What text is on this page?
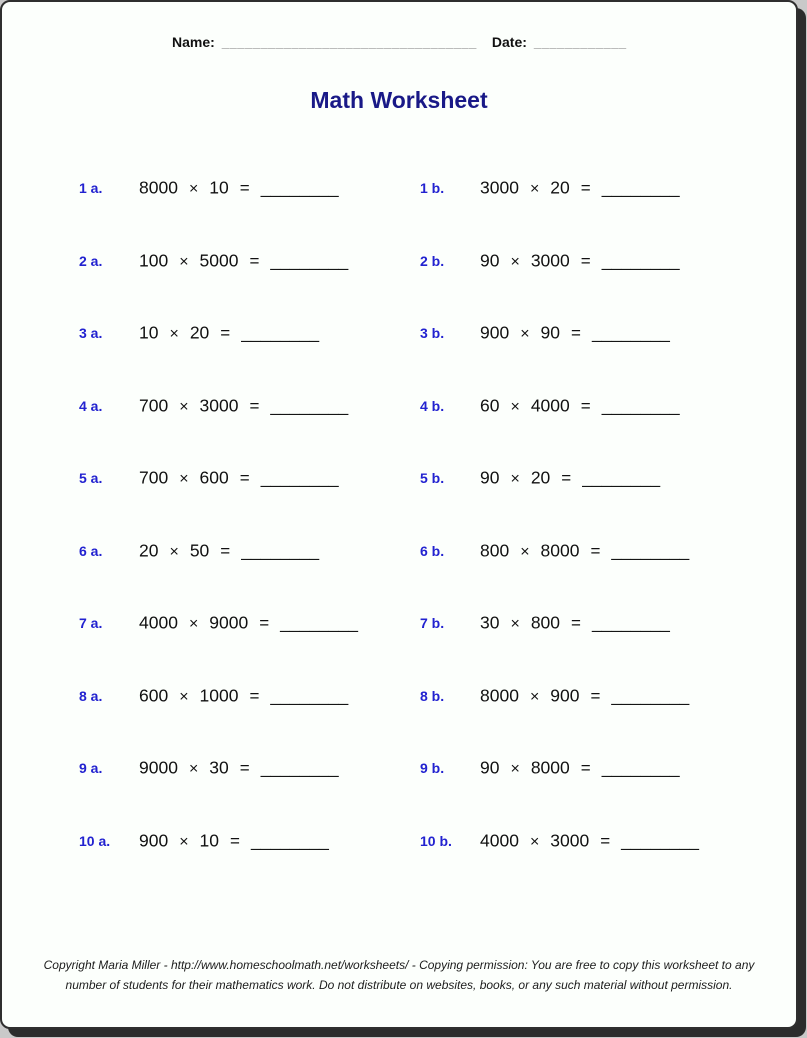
Name: _________________________________ Date: ____________
Math Worksheet
1 a. 8000 × 10 = ________	1 b. 3000 × 20 = ________
2 a. 100 × 5000 = ________	2 b. 90 × 3000 = ________
3 a. 10 × 20 = ________	3 b. 900 × 90 = ________
4 a. 700 × 3000 = ________	4 b. 60 × 4000 = ________
5 a. 700 × 600 = ________	5 b. 90 × 20 = ________
6 a. 20 × 50 = ________	6 b. 800 × 8000 = ________
7 a. 4000 × 9000 = ________	7 b. 30 × 800 = ________
8 a. 600 × 1000 = ________	8 b. 8000 × 900 = ________
9 a. 9000 × 30 = ________	9 b. 90 × 8000 = ________
10 a. 900 × 10 = ________	10 b. 4000 × 3000 = ________
Copyright Maria Miller - http://www.homeschoolmath.net/worksheets/ - Copying permission: You are free to copy this worksheet to any
number of students for their mathematics work. Do not distribute on websites, books, or any such material without permission.
